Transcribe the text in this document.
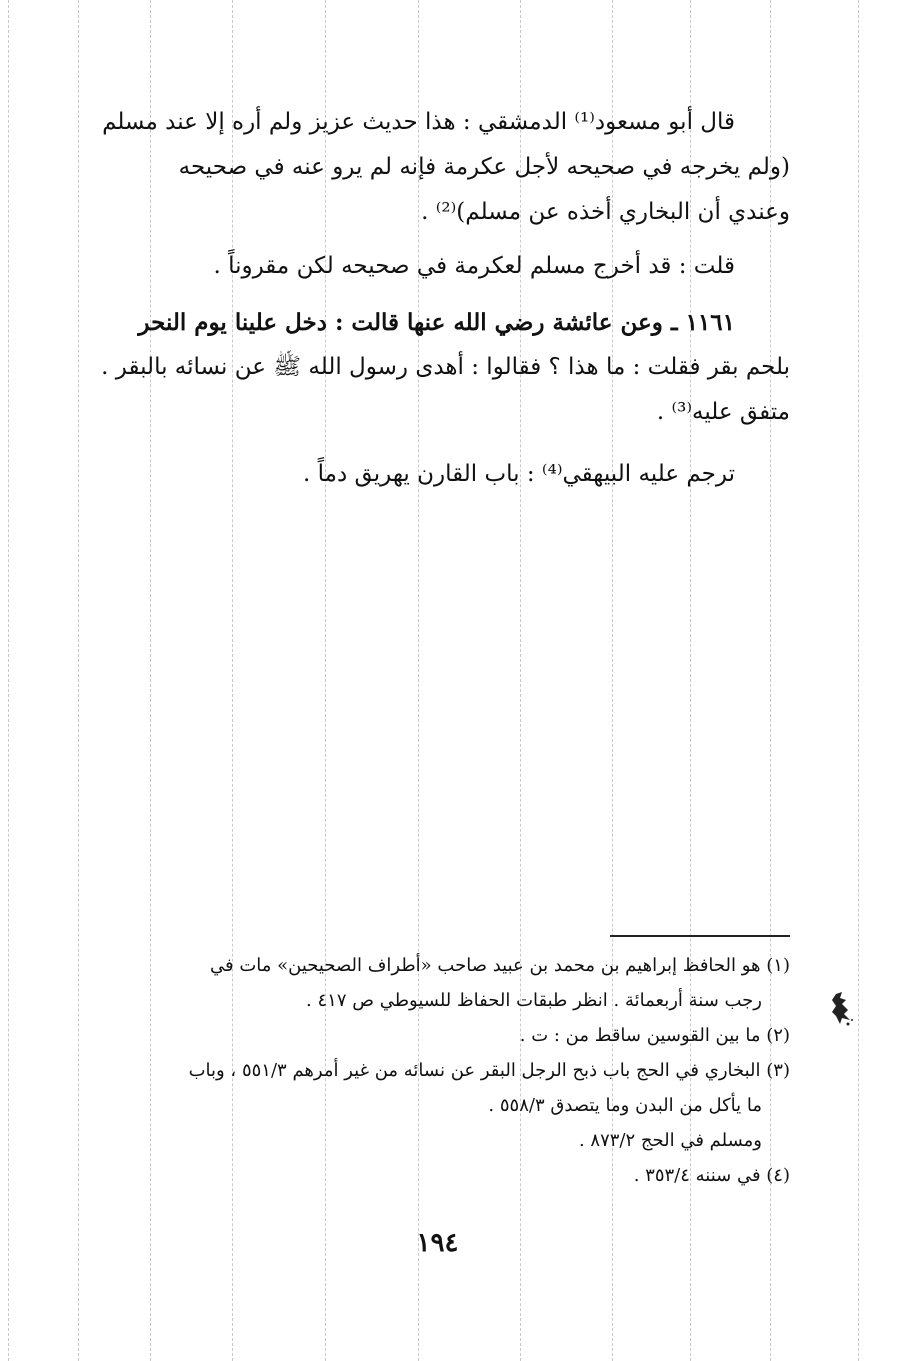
قال أبو مسعود⁽¹⁾ الدمشقي : هذا حديث عزيز ولم أره إلا عند مسلم

(ولم يخرجه في صحيحه لأجل عكرمة فإنه لم يرو عنه في صحيحه

وعندي أن البخاري أخذه عن مسلم)⁽²⁾ .

قلت : قد أخرج مسلم لعكرمة في صحيحه لكن مقروناً .

١١٦١ ـ وعن عائشة رضي الله عنها قالت : دخل علينا يوم النحر

بلحم بقر فقلت : ما هذا ؟ فقالوا : أهدى رسول الله ﷺ عن نسائه بالبقر .

متفق عليه⁽³⁾ .

ترجم عليه البيهقي⁽⁴⁾ : باب القارن يهريق دماً .

(١) هو الحافظ إبراهيم بن محمد بن عبيد صاحب «أطراف الصحيحين» مات في
رجب سنة أربعمائة . انظر طبقات الحفاظ للسيوطي ص ٤١٧ .
(٢) ما بين القوسين ساقط من : ت .
(٣) البخاري في الحج باب ذبح الرجل البقر عن نسائه من غير أمرهم ٥٥١/٣ ، وباب
ما يأكل من البدن وما يتصدق ٥٥٨/٣ .
ومسلم في الحج ٨٧٣/٢ .
(٤) في سننه ٣٥٣/٤ .
١٩٤
